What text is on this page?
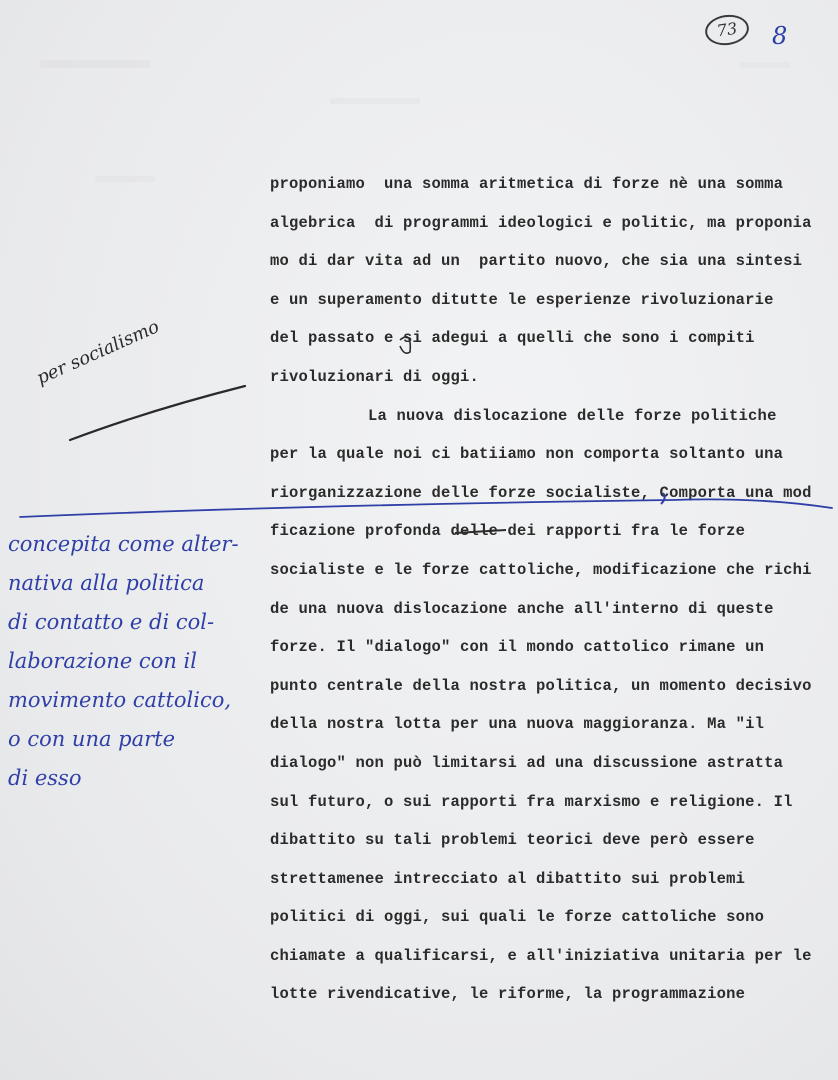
73	8
proponiamo  una somma aritmetica di forze nè una somma
algebrica  di programmi ideologici e politic, ma proponia
mo di dar vita ad un  partito nuovo, che sia una sintesi
e un superamento ditutte le esperienze rivoluzionarie
del passato e si adegui a quelli che sono i compiti
rivoluzionari di oggi.
La nuova dislocazione delle forze politiche
per la quale noi ci batiiamo non comporta soltanto una
riorganizzazione delle forze socialiste, Comporta una mod
ficazione profonda delle dei rapporti fra le forze
socialiste e le forze cattoliche, modificazione che richi
de una nuova dislocazione anche all'interno di queste
forze. Il "dialogo" con il mondo cattolico rimane un
punto centrale della nostra politica, un momento decisivo
della nostra lotta per una nuova maggioranza. Ma "il
dialogo" non può limitarsi ad una discussione astratta
sul futuro, o sui rapporti fra marxismo e religione. Il
dibattito su tali problemi teorici deve però essere
strettamenee intrecciato al dibattito sui problemi
politici di oggi, sui quali le forze cattoliche sono
chiamate a qualificarsi, e all'iniziativa unitaria per le
lotte rivendicative, le riforme, la programmazione
per socialismo
concepita come alter-
nativa alla politica
di contatto e di col-
laborazione con il
movimento cattolico,
o con una parte
di esso
